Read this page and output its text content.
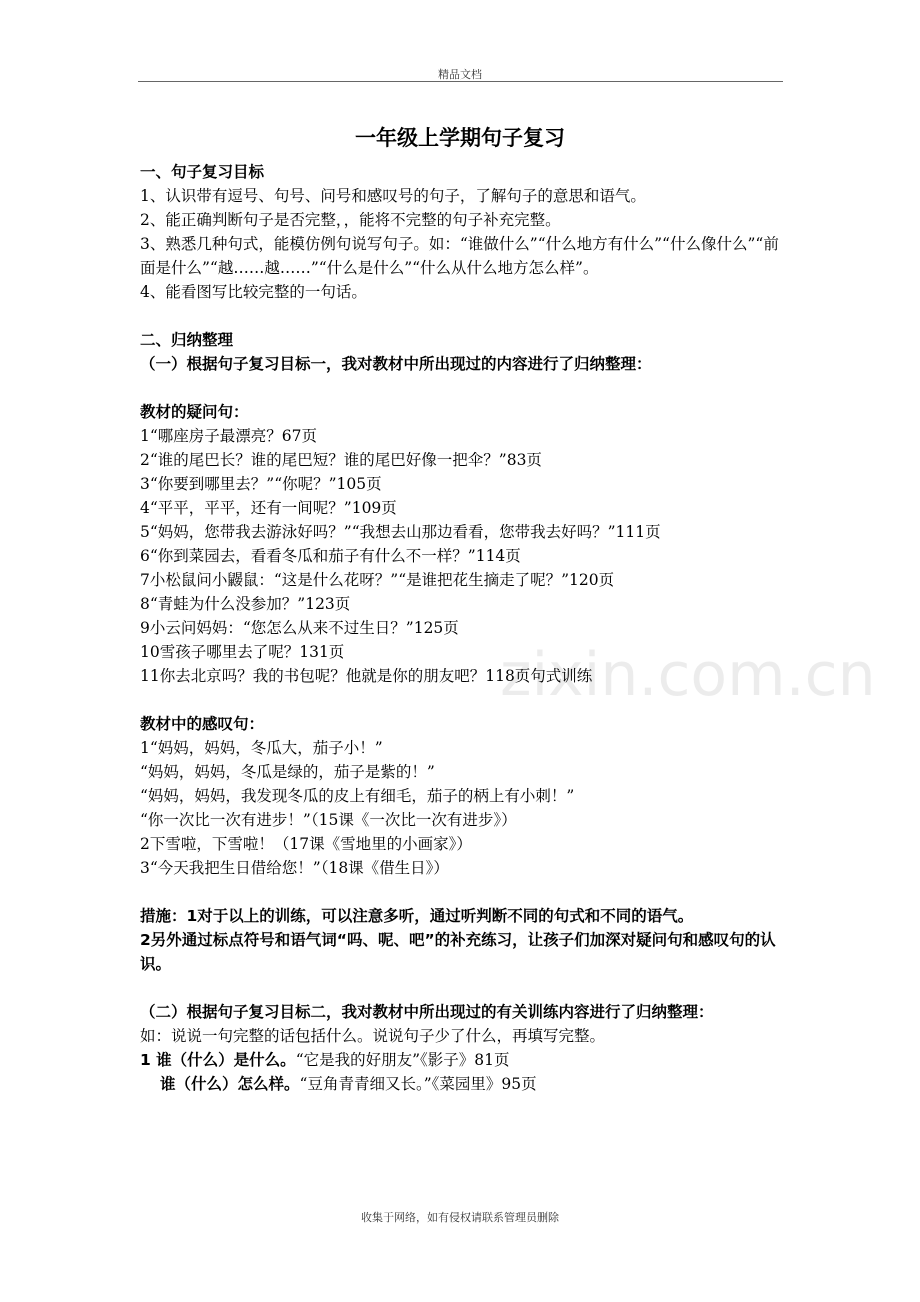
精品文档
zixin.com.cn
一年级上学期句子复习
一、句子复习目标
1、认识带有逗号、句号、问号和感叹号的句子，了解句子的意思和语气。
2、能正确判断句子是否完整，，能将不完整的句子补充完整。
3、熟悉几种句式，能模仿例句说写句子。如：“谁做什么”“什么地方有什么”“什么像什么”“前面是什么”“越……越……”“什么是什么”“什么从什么地方怎么样”。
4、能看图写比较完整的一句话。
二、归纳整理
（一）根据句子复习目标一，我对教材中所出现过的内容进行了归纳整理：
教材的疑问句：
1“哪座房子最漂亮？67页
2“谁的尾巴长？谁的尾巴短？谁的尾巴好像一把伞？”83页
3“你要到哪里去？”“你呢？”105页
4“平平，平平，还有一间呢？”109页
5“妈妈，您带我去游泳好吗？”“我想去山那边看看，您带我去好吗？”111页
6“你到菜园去，看看冬瓜和茄子有什么不一样？”114页
7小松鼠问小鼹鼠：“这是什么花呀？”“是谁把花生摘走了呢？”120页
8“青蛙为什么没参加？”123页
9小云问妈妈：“您怎么从来不过生日？”125页
10雪孩子哪里去了呢？131页
11你去北京吗？我的书包呢？他就是你的朋友吧？118页句式训练
教材中的感叹句：
1“妈妈，妈妈，冬瓜大，茄子小！”
“妈妈，妈妈，冬瓜是绿的，茄子是紫的！”
“妈妈，妈妈，我发现冬瓜的皮上有细毛，茄子的柄上有小刺！”
“你一次比一次有进步！”（15课《一次比一次有进步》）
2下雪啦，下雪啦！（17课《雪地里的小画家》）
3“今天我把生日借给您！”（18课《借生日》）
措施：1对于以上的训练，可以注意多听，通过听判断不同的句式和不同的语气。
2另外通过标点符号和语气词“吗、呢、吧”的补充练习，让孩子们加深对疑问句和感叹句的认识。
（二）根据句子复习目标二，我对教材中所出现过的有关训练内容进行了归纳整理：
如：说说一句完整的话包括什么。说说句子少了什么，再填写完整。
1 谁（什么）是什么。“它是我的好朋友”《影子》81页
谁（什么）怎么样。“豆角青青细又长。”《菜园里》95页
收集于网络，如有侵权请联系管理员删除
